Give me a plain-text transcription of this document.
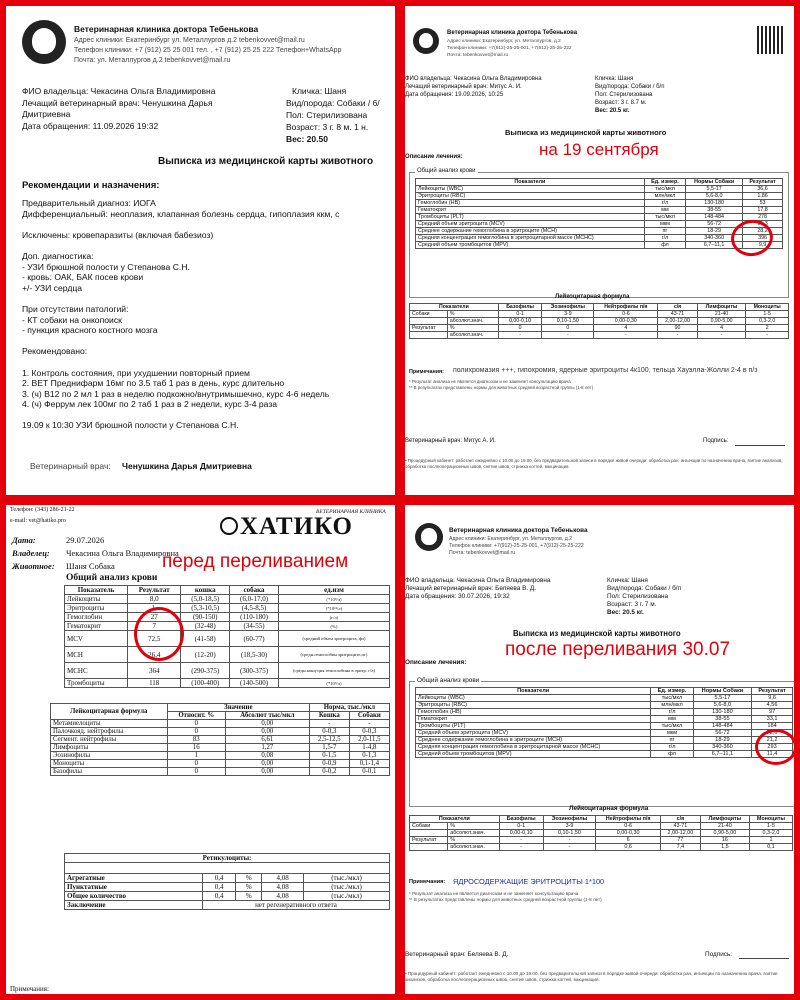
Ветеринарная клиника доктора Тебенькова
Адрес клиники: Екатеринбург ул. Металлургов д.2 tebenkovvet@mail.ru
Телефон клиники: +7 (912) 25 25 001 тел. , +7 (912) 25 25 222 Телефон+WhatsApp
Почта: ул. Металлургов д.2 tebenkovvet@mail.ru
ФИО владельца: Чекасина Ольга Владимировна
Лечащий ветеринарный врач: Ченушкина Дарья
Дмитриевна
Дата обращения: 11.09.2026 19:32
Кличка: Шаня
Вид/порода: Собаки / 6/
Пол: Стерилизована
Возраст: 3 г. 8 м. 1 н.
Вес: 20.50
Выписка из медицинской карты животного
Рекомендации и назначения:
Предварительный диагноз: ИОГА
Дифференциальный: неоплазия, клапанная болезнь сердца, гипоплазия ккм, с

Исключены: кровепаразиты (включая бабезиоз)

Доп. диагностика:
- УЗИ брюшной полости у Степанова С.Н.
- кровь: ОАК, БАК посев крови
+/- УЗИ сердца

При отсутствии патологий:
- КТ собаки на онкопоиск
- пункция красного костного мозга

Рекомендовано:

1. Контроль состояния, при ухудшении повторный прием
2. ВЕТ Преднифарм 16мг по 3.5 таб 1 раз в день, курс длительно
3. (ч) В12 по 2 мл 1 раз в неделю подкожно/внутримышечно, курс 4-6 недель
4. (ч) Феррум лек 100мг по 2 таб 1 раз в 2 недели, курс 3-4 раза

19.09 к 10:30 УЗИ брюшной полости у Степанова С.Н.
Ветеринарный врач: Ченушкина Дарья Дмитриевна
Ветеринарная клиника доктора Тебенькова
Адрес клиники: Екатеринбург, ул. Металлургов, д.2
Телефон клиники: +7(912)-25-25-001, +7(912)-25-25-222
Почта: tebenkovvet@mail.ru
ФИО владельца: Чекасина Ольга Владимировна
Лечащий ветеринарный врач: Митус А. И.
Дата обращения: 19.09.2026, 10:25
Кличка: Шаня
Вид/порода: Собаки / б/п
Пол: Стерилизована
Возраст: 3 г. 8.7 м.
Вес: 20.5 кг.
Выписка из медицинской карты животного
на 19 сентября
Описание лечения:
Общий анализ крови
Показатели	Ед. измер.	Нормы Собаки	Результат
Лейкоциты (WBC)	тыс/мкл	5,5-17	36,6
Эритроциты (RBC)	млн/мкл	5,6-8,0	1,86
Гемоглобин (HB)	г/л	130-180	53
Гематокрит	мм	38-55	17,8
Тромбоциты (PLT)	тыс/мкл	148-484	278
Средний объем эритроцита (MCV)	мкм	56-72	95,3
Среднее содержание гемоглобина в эритроците (MCH)	пг	18-29	28,2
Средняя концентрация гемоглобина в эритроцитарной массе (MCHC)	г/л	340-360	396
Средний объем тромбоцитов (MPV)	фл	6,7–11,1	9,9
Лейкоцитарная формула
Показатели		Базофилы	Эозинофилы	Нейтрофилы п/я	с/я	Лимфоциты	Моноциты
Собаки	%	0-1	3-9	0-6	43-71	21-40	1-5
	абсолют.знач.	0,00-0,10	0,10-1,50	0,00-0,30	2,00-12,00	0,90-5,00	0,3-2,0
Результат	%	0	0	4	90	4	2
	абсолют.знач.	-	-	-	-	-	-
Примечания: полихромазия +++, гипохромия, ядерные эритроциты 4к100, тельца Хауэлла-Жолли 2-4 в п/з
* Результат анализа не является диагнозом и не заменяет консультацию врача
** В результатах представлены нормы для животных средней возрастной группы (1-8 лет)
Ветеринарный врач: Митус А. И.	Подпись:
• Процедурный кабинет: работает ежедневно с 10.00 до 19.00, без предварительной записи в порядке живой очереди: обработка ран, инъекции по назначению врача, взятие анализов, обработка послеоперационных швов, снятие швов, стрижка когтей, вакцинация.
Телефон: (343) 286-21-22
e-mail: vet@hatiko.pro
ВЕТЕРИНАРНАЯ КЛИНИКА
ХАТИКО
Дата:	29.07.2026
Владелец: Чекасина Ольга Владимировна
Животное: Шаня Собака перед переливанием
Общий анализ крови
Показатель	Результат	кошка	собака	ед.изм
Лейкоциты	8,0	(5,0-18,5)	(6,0-17,0)	(*10⁹/л)
Эритроциты	1,	(5,3-10,5)	(4,5-8,5)	(*10¹²/л)
Гемоглобин	27	(90-150)	(110-180)	(г/л)
Гематокрит	7	(32-48)	(34-55)	(%)
MCV	72,5	(41-58)	(60-77)	(средний объем эритроцита, фл)
MCH	26,4	(12-20)	(18,5-30)	(средн.гемоглобин эритроците,пг)
MCHC	364	(290-375)	(300-375)	(средн.конц-ция гемоглобина в эритр. г/л)
Тромбоциты	118	(100-400)	(140-500)	(*10⁹/л)
Лейкоцитарная формула	Значение		Норма, тыс./мкл	
	Относит. %	Абсолют тыс/мкл	Кошка	Собаки
Метамиелоциты	0	0,00	-	-
Палочкояд. нейтрофилы	0	0,00	0-0,3	0-0,3
Сегмент. нейтрофилы	83	6,61	2,5-12,5	2,0-11,5
Лимфоциты	16	1,27	1,5-7	1-4,8
Эозинофилы	1	0,08	0-1,5	0-1,3
Моноциты	0	0,00	0-0,9	0,1-1,4
Базофилы	0	0,00	0-0,2	0-0,1
Ретикулоциты:				

Агрегатные	0,4	%	4,08	(тыс./мкл)
Пунктатные	0,4	%	4,08	(тыс./мкл)
Общее количество	0,4	%	4,08	(тыс./мкл)
Заключение	нет регенеративного ответа			
Примечания:
Ветеринарная клиника доктора Тебенькова
Адрес клиники: Екатеринбург, ул. Металлургов, д.2
Телефон клиники: +7(912)-25-25-001, +7(912)-25-25-222
Почта: tebenkovvet@mail.ru
ФИО владельца: Чекасина Ольга Владимировна
Лечащий ветеринарный врач: Беляева В. Д.
Дата обращения: 30.07.2026, 19:32
Кличка: Шаня
Вид/порода: Собаки / б/п
Пол: Стерилизована
Возраст: 3 г. 7 м.
Вес: 20.5 кг.
Выписка из медицинской карты животного
после переливания 30.07
Описание лечения:
Общий анализ крови
Показатели	Ед. измер.	Нормы Собаки	Результат
Лейкоциты (WBC)	тыс/мкл	5,5-17	9,6
Эритроциты (RBC)	млн/мкл	5,6-8,0	4,56
Гемоглобин (HB)	г/л	130-180	97
Гематокрит	мм	38-55	33,1
Тромбоциты (PLT)	тыс/мкл	148-484	184
Средний объем эритроцита (MCV)	мкм	56-72	72,6
Среднее содержание гемоглобина в эритроците (MCH)	пг	18-29	21,2
Средняя концентрация гемоглобина в эритроцитарной массе (MCHC)	г/л	340-360	293
Средний объем тромбоцитов (MPV)	фл	6,7–11,1	11,4
Лейкоцитарная формула
Показатели		Базофилы	Эозинофилы	Нейтрофилы п/я	с/я	Лимфоциты	Моноциты
Собаки	%	0-1	3-9	0-6	43-71	21-40	1-5
	абсолют.знач.	0,00-0,10	0,10-1,50	0,00-0,30	2,00-12,00	0,90-5,00	0,3-2,0
Результат	%	-	-	6	77	16	1
	абсолют.знач.	-	-	0,6	7,4	1,5	0,1
Примечания: ЯДРОСОДЕРЖАЩИЕ ЭРИТРОЦИТЫ 1*100
* Результат анализа не является диагнозом и не заменяет консультацию врача
** В результатах представлены нормы для животных средней возрастной группы (1-8 лет)
Ветеринарный врач: Беляева В. Д.	Подпись:
• Процедурный кабинет: работает ежедневно с 10.00 до 19.00, без предварительной записи в порядке живой очереди: обработка ран, инъекции по назначению врача, взятие анализов, обработка послеоперационных швов, снятие швов, стрижка когтей, вакцинация.
